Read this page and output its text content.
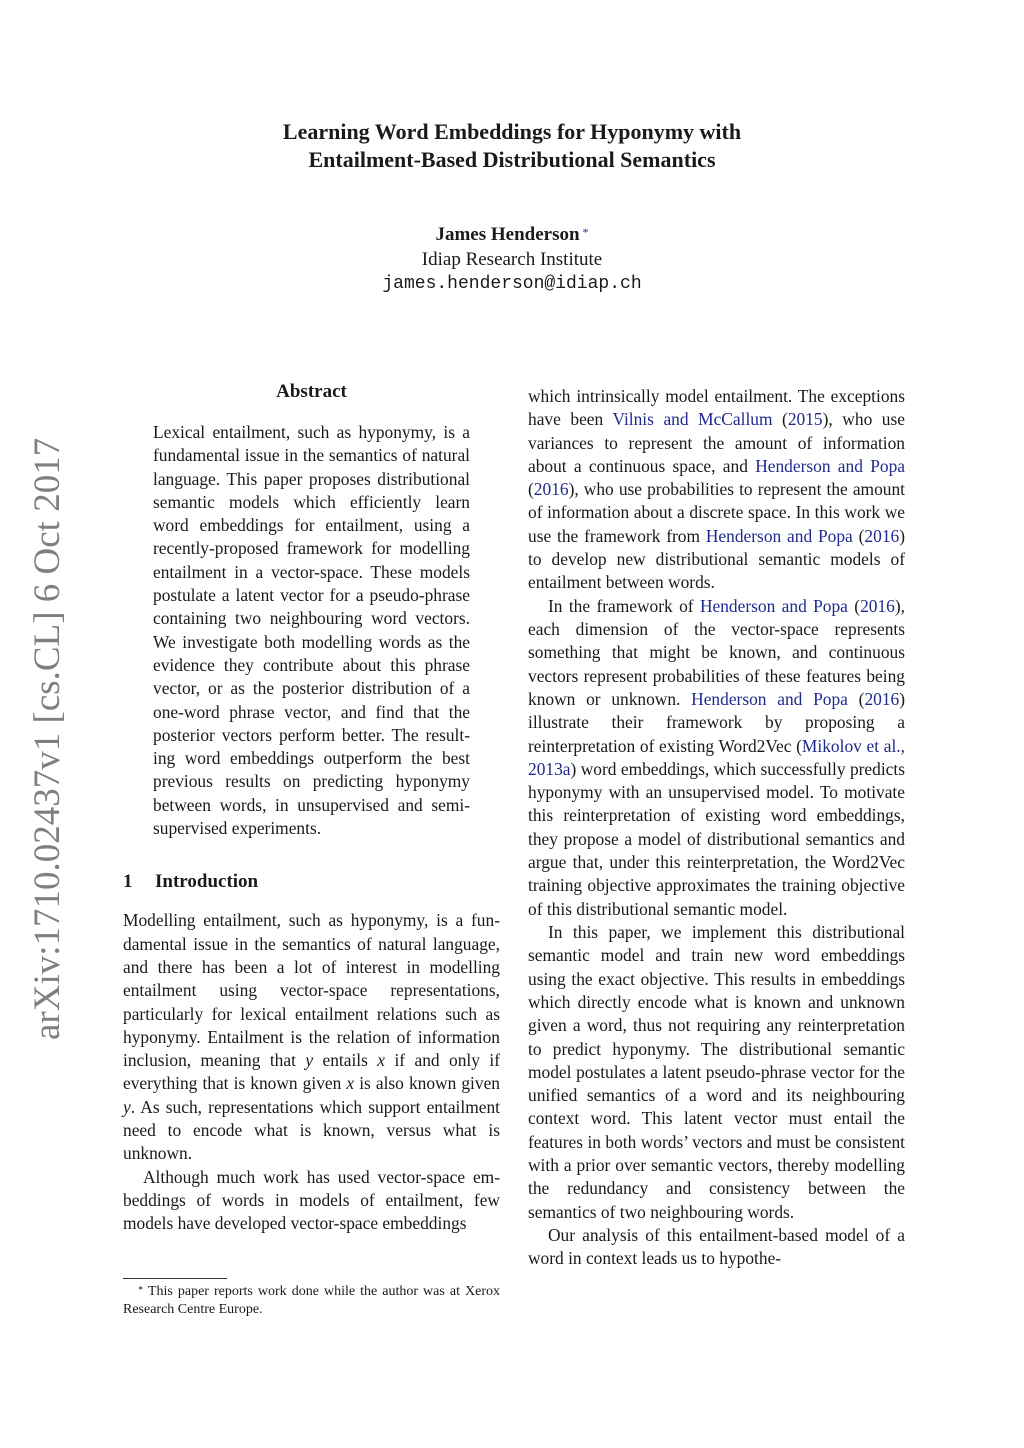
Learning Word Embeddings for Hyponymy with
Entailment-Based Distributional Semantics
James Henderson *
Idiap Research Institute
james.henderson@idiap.ch
arXiv:1710.02437v1 [cs.CL] 6 Oct 2017
Abstract

Lexical entailment, such as hyponymy, is a fundamental issue in the semantics of natural language. This paper proposes distributional semantic models which efficiently learn word embeddings for entailment, using a recently-proposed framework for modelling entailment in a vector-space. These models postulate a latent vector for a pseudo-phrase containing two neighbouring word vectors. We investigate both modelling words as the evidence they contribute about this phrase vector, or as the posterior distribution of a one-word phrase vector, and find that the posterior vectors perform better. The resulting word embeddings outperform the best previous results on predicting hyponymy between words, in unsupervised and semi-supervised experiments.

1 Introduction

Modelling entailment, such as hyponymy, is a fundamental issue in the semantics of natural language, and there has been a lot of interest in modelling entailment using vector-space representations, particularly for lexical entailment relations such as hyponymy. Entailment is the relation of information inclusion, meaning that y entails x if and only if everything that is known given x is also known given y. As such, representations which support entailment need to encode what is known, versus what is unknown.

Although much work has used vector-space embeddings of words in models of entailment, few models have developed vector-space embeddings

* This paper reports work done while the author was at Xerox Research Centre Europe.

which intrinsically model entailment. The exceptions have been Vilnis and McCallum (2015), who use variances to represent the amount of information about a continuous space, and Henderson and Popa (2016), who use probabilities to represent the amount of information about a discrete space. In this work we use the framework from Henderson and Popa (2016) to develop new distributional semantic models of entailment between words.

In the framework of Henderson and Popa (2016), each dimension of the vector-space represents something that might be known, and continuous vectors represent probabilities of these features being known or unknown. Henderson and Popa (2016) illustrate their framework by proposing a reinterpretation of existing Word2Vec (Mikolov et al., 2013a) word embeddings, which successfully predicts hyponymy with an unsupervised model. To motivate this reinterpretation of existing word embeddings, they propose a model of distributional semantics and argue that, under this reinterpretation, the Word2Vec training objective approximates the training objective of this distributional semantic model.

In this paper, we implement this distributional semantic model and train new word embeddings using the exact objective. This results in embeddings which directly encode what is known and unknown given a word, thus not requiring any reinterpretation to predict hyponymy. The distributional semantic model postulates a latent pseudo-phrase vector for the unified semantics of a word and its neighbouring context word. This latent vector must entail the features in both words’ vectors and must be consistent with a prior over semantic vectors, thereby modelling the redundancy and consistency between the semantics of two neighbouring words.

Our analysis of this entailment-based model of a word in context leads us to hypothe-
